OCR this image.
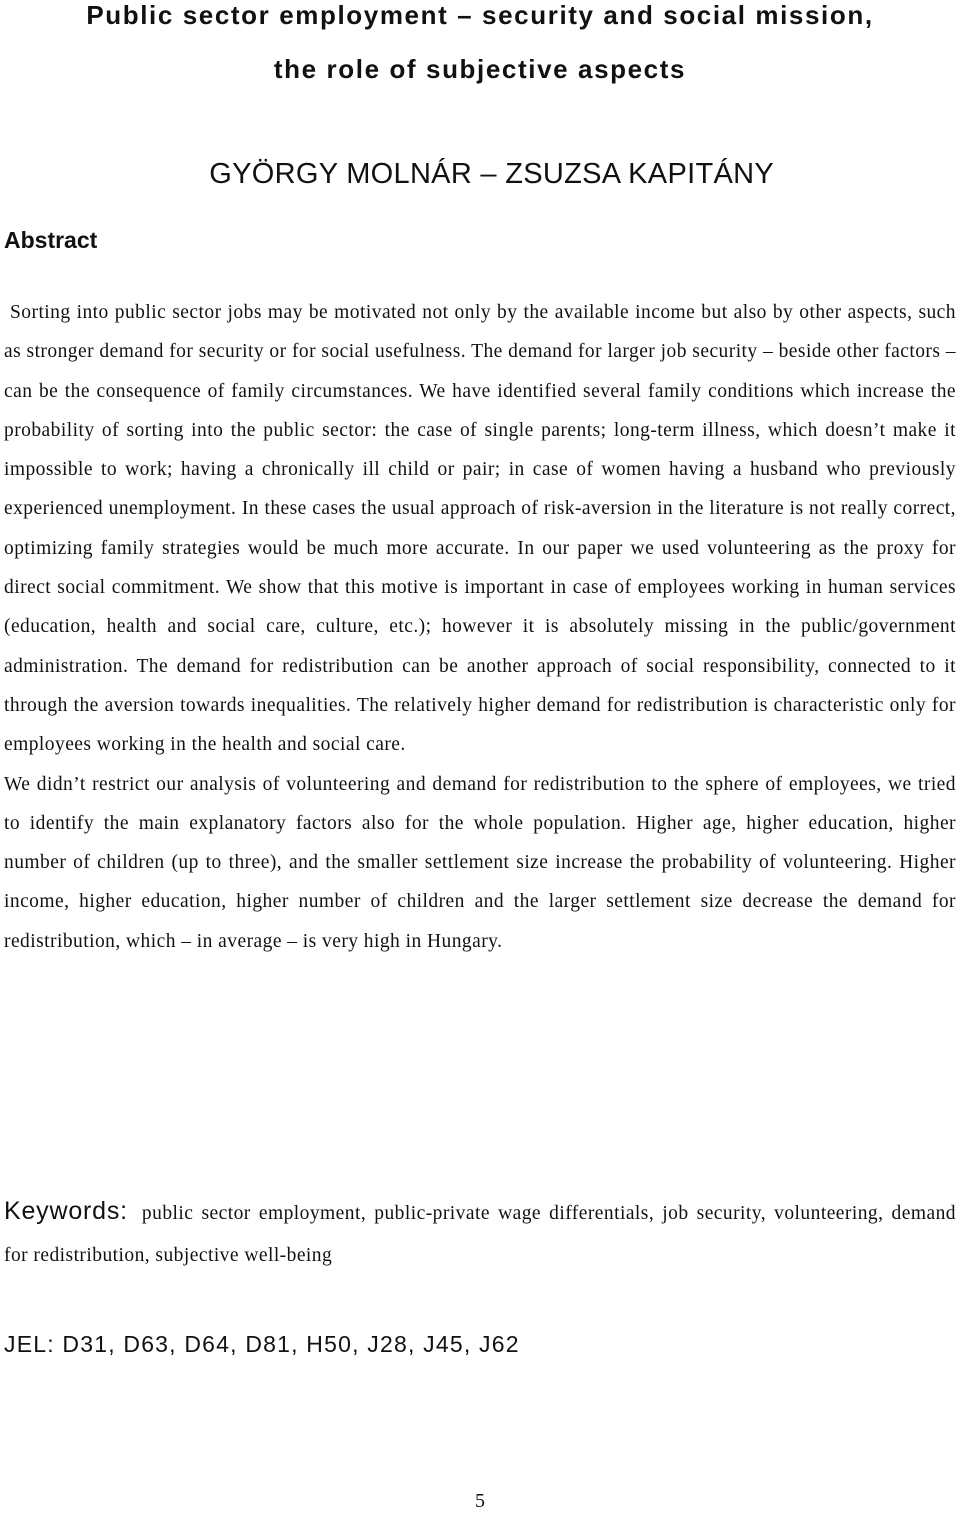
Public sector employment – security and social mission,
the role of subjective aspects
GYÖRGY MOLNÁR – ZSUZSA KAPITÁNY
Abstract

Sorting into public sector jobs may be motivated not only by the available income but also by other aspects, such as stronger demand for security or for social usefulness. The demand for larger job security – beside other factors – can be the consequence of family circumstances. We have identified several family conditions which increase the probability of sorting into the public sector: the case of single parents; long-term illness, which doesn’t make it impossible to work; having a chronically ill child or pair; in case of women having a husband who previously experienced unemployment. In these cases the usual approach of risk-aversion in the literature is not really correct, optimizing family strategies would be much more accurate. In our paper we used volunteering as the proxy for direct social commitment. We show that this motive is important in case of employees working in human services (education, health and social care, culture, etc.); however it is absolutely missing in the public/government administration. The demand for redistribution can be another approach of social responsibility, connected to it through the aversion towards inequalities. The relatively higher demand for redistribution is characteristic only for employees working in the health and social care.

We didn’t restrict our analysis of volunteering and demand for redistribution to the sphere of employees, we tried to identify the main explanatory factors also for the whole population. Higher age, higher education, higher number of children (up to three), and the smaller settlement size increase the probability of volunteering. Higher income, higher education, higher number of children and the larger settlement size decrease the demand for redistribution, which – in average – is very high in Hungary.

Keywords: public sector employment, public-private wage differentials, job security, volunteering, demand for redistribution, subjective well-being

JEL: D31, D63, D64, D81, H50, J28, J45, J62

5
